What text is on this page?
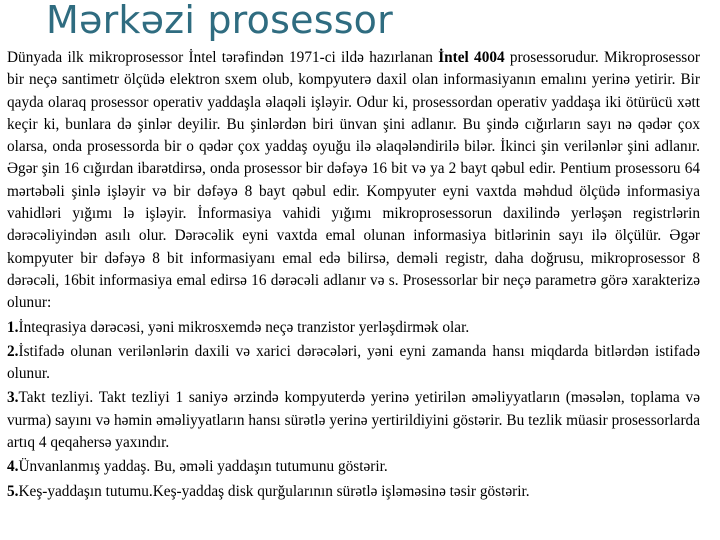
Mərkəzi prosessor

Dünyada ilk mikroprosessor İntel tərəfindən 1971-ci ildə hazırlanan İntel 4004 prosessorudur. Mikroprosessor bir neçə santimetr ölçüdə elektron sxem olub, kompyuterə daxil olan informasiyanın emalını yerinə yetirir. Bir qayda olaraq prosessor operativ yaddaşla əlaqəli işləyir. Odur ki, prosessordan operativ yaddaşa iki ötürücü xətt keçir ki, bunlara də şinlər deyilir. Bu şinlərdən biri ünvan şini adlanır. Bu şində cığırların sayı nə qədər çox olarsa, onda prosessorda bir o qədər çox yaddaş oyuğu ilə əlaqələndirilə bilər. İkinci şin verilənlər şini adlanır. Əgər şin 16 cığırdan ibarətdirsə, onda prosessor bir dəfəyə 16 bit və ya 2 bayt qəbul edir. Pentium prosessoru 64 mərtəbəli şinlə işləyir və bir dəfəyə 8 bayt qəbul edir. Kompyuter eyni vaxtda məhdud ölçüdə informasiya vahidləri yığımı lə işləyir. İnformasiya vahidi yığımı mikroprosessorun daxilində yerləşən registrlərin dərəcəliyindən asılı olur. Dərəcəlik eyni vaxtda emal olunan informasiya bitlərinin sayı ilə ölçülür. Əgər kompyuter bir dəfəyə 8 bit informasiyanı emal edə bilirsə, deməli registr, daha doğrusu, mikroprosessor 8 dərəcəli, 16bit informasiya emal edirsə 16 dərəcəli adlanır və s. Prosessorlar bir neçə parametrə görə xarakterizə olunur:

1.İnteqrasiya dərəcəsi, yəni mikrosxemdə neçə tranzistor yerləşdirmək olar.

2.İstifadə olunan verilənlərin daxili və xarici dərəcələri, yəni eyni zamanda hansı miqdarda bitlərdən istifadə olunur.

3.Takt tezliyi. Takt tezliyi 1 saniyə ərzində kompyuterdə yerinə yetirilən əməliyyatların (məsələn, toplama və vurma) sayını və həmin əməliyyatların hansı sürətlə yerinə yertirildiyini göstərir. Bu tezlik müasir prosessorlarda artıq 4 qeqahersə yaxındır.

4.Ünvanlanmış yaddaş. Bu, əməli yaddaşın tutumunu göstərir.

5.Keş-yaddaşın tutumu.Keş-yaddaş disk qurğularının sürətlə işləməsinə təsir göstərir.
